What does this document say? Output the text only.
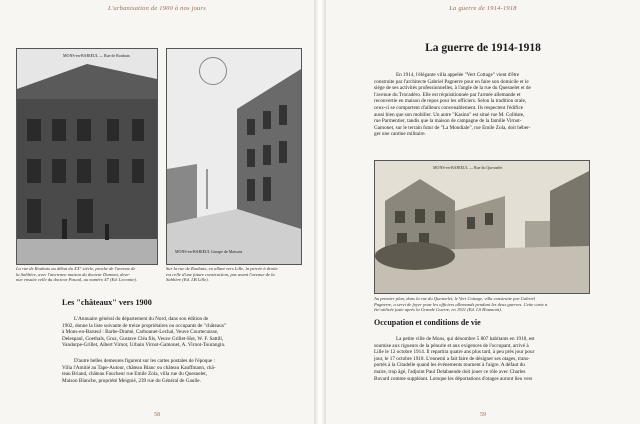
L'urbanisation de 1900 à nos jours
MONS-en-BARŒUL — Rue de Roubaix
MONS-en-BARŒUL Groupe de Maisons
La rue de Roubaix au début du XX° siècle, proche de l'avenue de
la Sablière, avec l'ancienne maison du docteur Dumont, deve-
nue ensuite celle du docteur Pascal, au numéro 47 (Ed. Lecomte).
Sur la rue de Roubaix, en allant vers Lille, la percée à droite
est celle d'une future construction, pas avant l'avenue de la
Sablière (Ed. LB Lille).
Les "châteaux" vers 1900
L'Annuaire général du département du Nord, dans son édition de
1902, donne la liste suivante de treize propriétaires ou occupants de "châteaux"
à Mons-en-Barœul : Barbe-Dramé, Carbonnet-Lechal, Veuve Courtecuisse,
Delespaul, Goethals, Gruz, Gustave Cléa fils, Veuve Grillet-Hot, W. F. Sattill,
Vandorpe-Grillet, Albert Virnot, Urbain Virnot-Gamonet, A. Virnot-Tourangin.
D'autre belles demeures figurent sur les cartes postales de l'époque :
Villa l'Amitié au Tape-Autour, château Blanc ou château Kauffmann, châ-
teau Briand, château Faucheur rue Emile Zola, villa rue du Quesnelet,
Maison Blanche, propriété Meignié, 239 rue du Général de Gaulle.
58
La guerre de 1914-1918
La guerre de 1914-1918
En 1914, l'élégante villa appelée "Vert Cottage" vient d'être
construite par l'architecte Gabriel Pagnerre pour en faire son domicile et le
siège de ses activités professionnelles, à l'angle de la rue du Quesnelet et de
l'avenue du Trocadéro. Elle est réquisitionnée par l'armée allemande et
reconvertie en maison de repos pour les officiers. Selon la tradition orale,
ceux-ci se comportent d'ailleurs convenablement. Ils respectent l'édifice
aussi bien que son mobilier. Un autre "Kasino" est situé rue M. Colléate,
rue Parmentier, tandis que la maison de campagne de la famille Virnot-
Gamonet, sur le terrain futur de "La Mondiale", rue Emile Zola, doit héber-
ger une cantine militaire.
MONS-en-BARŒUL — Rue du Quesnelet
Au premier plan, dans la rue du Quesnelet, le Vert Cottage, villa construite par Gabriel
Pagnerre, a servi de foyer pour les officiers allemands pendant les deux guerres. Cette carte a
été utilisée juste après la Grande Guerre, en 1921 (Ed. LS Houmont).
Occupation et conditions de vie
La petite ville de Mons, qui dénombre 5 807 habitants en 1918, est
soumise aux rigueurs de la pénurie et aux exigences de l'occupant, arrivé à
Lille le 12 octobre 1914. Il repartira quatre ans plus tard, à peu près jour pour
jour, le 17 octobre 1918. L'ennemi a fait faire de désigner ses otages, trans-
portés à la Citadelle quand les événements tournent à l'aigre. A défaut du
maire, trop âgé, l'adjoint Paul Delabaende doit jouer ce rôle avec Charles
Buvard comme suppléant. Lorsque les déportations d'otages auront lieu vers
59
